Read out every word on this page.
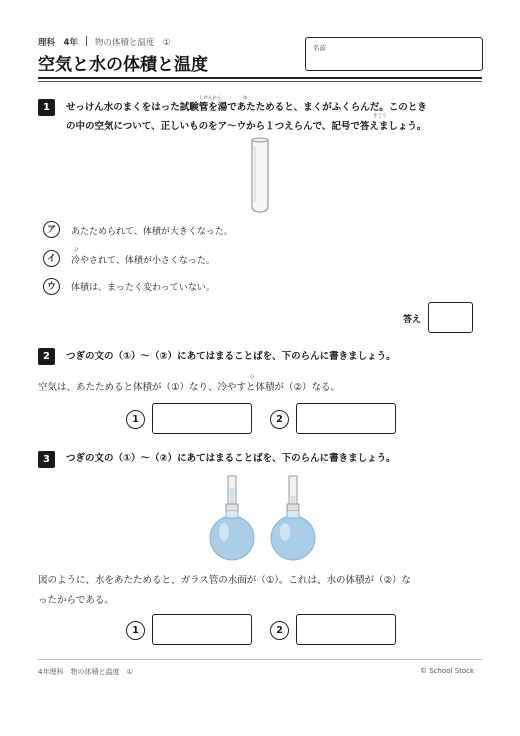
理科　4年 物の体積と温度　①
空気と水の体積と温度
名前
1
しけんかん	ゆ
せっけん水のまくをはった試験管を湯であたためると、まくがふくらんだ。このとき
きごう
の中の空気について、正しいものをア〜ウから１つえらんで、記号で答えましょう。
ア	あたためられて、体積が大きくなった。
イ
ひ
冷やされて、体積が小さくなった。
ウ	体積は、まったく変わっていない。
答え
2	つぎの文の（①）〜（②）にあてはまることばを、下のらんに書きましょう。
ひ
空気は、あたためると体積が（①）なり、冷やすと体積が（②）なる。
1	2
3	つぎの文の（①）〜（②）にあてはまることばを、下のらんに書きましょう。
図のように、水をあたためると、ガラス管の水面が（①）。これは、水の体積が（②）な
ったからである。
1	2
4年理科　物の体積と温度　①	© School Stock
